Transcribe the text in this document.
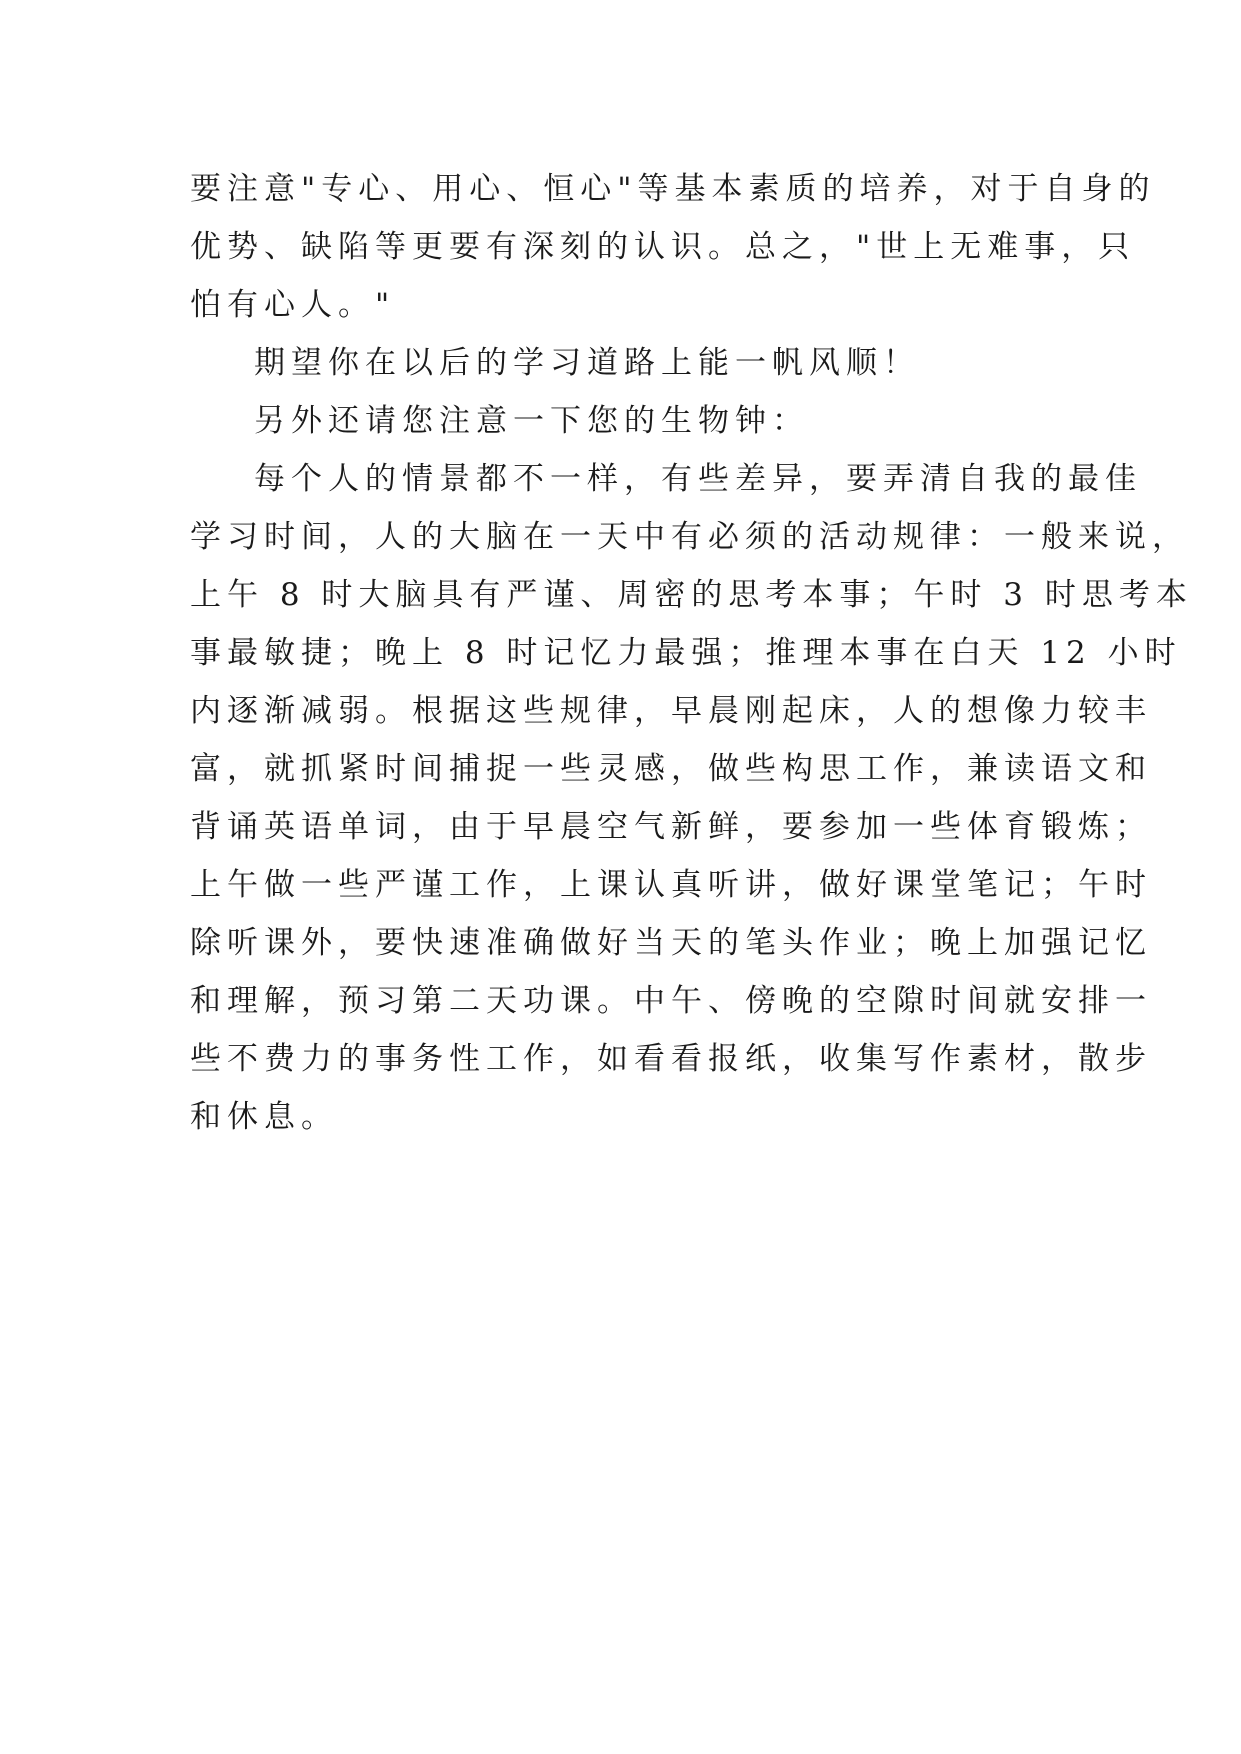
要注意"专心、用心、恒心"等基本素质的培养，对于自身的
优势、缺陷等更要有深刻的认识。总之，"世上无难事，只
怕有心人。"
期望你在以后的学习道路上能一帆风顺！
另外还请您注意一下您的生物钟：
每个人的情景都不一样，有些差异，要弄清自我的最佳
学习时间，人的大脑在一天中有必须的活动规律：一般来说，
上午 8 时大脑具有严谨、周密的思考本事；午时 3 时思考本
事最敏捷；晚上 8 时记忆力最强；推理本事在白天 12 小时
内逐渐减弱。根据这些规律，早晨刚起床，人的想像力较丰
富，就抓紧时间捕捉一些灵感，做些构思工作，兼读语文和
背诵英语单词，由于早晨空气新鲜，要参加一些体育锻炼；
上午做一些严谨工作，上课认真听讲，做好课堂笔记；午时
除听课外，要快速准确做好当天的笔头作业；晚上加强记忆
和理解，预习第二天功课。中午、傍晚的空隙时间就安排一
些不费力的事务性工作，如看看报纸，收集写作素材，散步
和休息。
